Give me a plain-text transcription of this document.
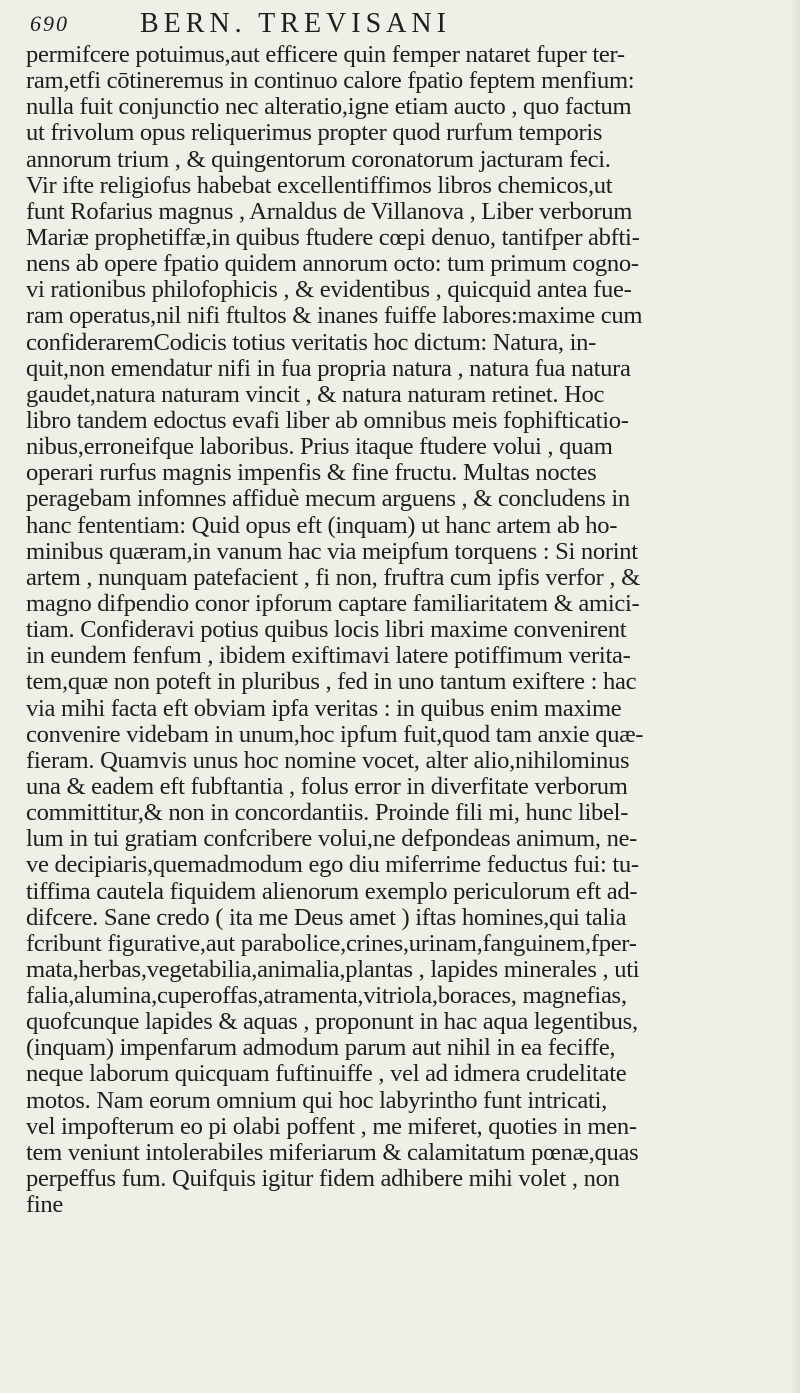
690	BERN. TREVISANI
permifcere potuimus,aut efficere quin femper nataret fuper ter-
ram,etfi cōtineremus in continuo calore fpatio feptem menfium:
nulla fuit conjunctio nec alteratio,igne etiam aucto , quo factum
ut frivolum opus reliquerimus propter quod rurfum temporis
annorum trium , & quingentorum coronatorum jacturam feci.
Vir ifte religiofus habebat excellentiffimos libros chemicos,ut
funt Rofarius magnus , Arnaldus de Villanova , Liber verborum
Mariæ prophetiffæ,in quibus ftudere cœpi denuo, tantifper abfti-
nens ab opere fpatio quidem annorum octo: tum primum cogno-
vi rationibus philofophicis , & evidentibus , quicquid antea fue-
ram operatus,nil nifi ftultos & inanes fuiffe labores:maxime cum
confideraremCodicis totius veritatis hoc dictum: Natura, in-
quit,non emendatur nifi in fua propria natura , natura fua natura
gaudet,natura naturam vincit , & natura naturam retinet. Hoc
libro tandem edoctus evafi liber ab omnibus meis fophifticatio-
nibus,erroneifque laboribus. Prius itaque ftudere volui , quam
operari rurfus magnis impenfis & fine fructu. Multas noctes
peragebam infomnes affiduè mecum arguens , & concludens in
hanc fententiam: Quid opus eft (inquam) ut hanc artem ab ho-
minibus quæram,in vanum hac via meipfum torquens : Si norint
artem , nunquam patefacient , fi non, fruftra cum ipfis verfor , &
magno difpendio conor ipforum captare familiaritatem & amici-
tiam. Confideravi potius quibus locis libri maxime convenirent
in eundem fenfum , ibidem exiftimavi latere potiffimum verita-
tem,quæ non poteft in pluribus , fed in uno tantum exiftere : hac
via mihi facta eft obviam ipfa veritas : in quibus enim maxime
convenire videbam in unum,hoc ipfum fuit,quod tam anxie quæ-
fieram. Quamvis unus hoc nomine vocet, alter alio,nihilominus
una & eadem eft fubftantia , folus error in diverfitate verborum
committitur,& non in concordantiis. Proinde fili mi, hunc libel-
lum in tui gratiam confcribere volui,ne defpondeas animum, ne-
ve decipiaris,quemadmodum ego diu miferrime feductus fui: tu-
tiffima cautela fiquidem alienorum exemplo periculorum eft ad-
difcere. Sane credo ( ita me Deus amet ) iftas homines,qui talia
fcribunt figurative,aut parabolice,crines,urinam,fanguinem,fper-
mata,herbas,vegetabilia,animalia,plantas , lapides minerales , uti
falia,alumina,cuperoffas,atramenta,vitriola,boraces, magnefias,
quofcunque lapides & aquas , proponunt in hac aqua legentibus,
(inquam) impenfarum admodum parum aut nihil in ea feciffe,
neque laborum quicquam fuftinuiffe , vel ad idmera crudelitate
motos. Nam eorum omnium qui hoc labyrintho funt intricati,
vel impofterum eo pi olabi poffent , me miferet, quoties in men-
tem veniunt intolerabiles miferiarum & calamitatum pœnæ,quas
perpeffus fum. Quifquis igitur fidem adhibere mihi volet , non
fine
